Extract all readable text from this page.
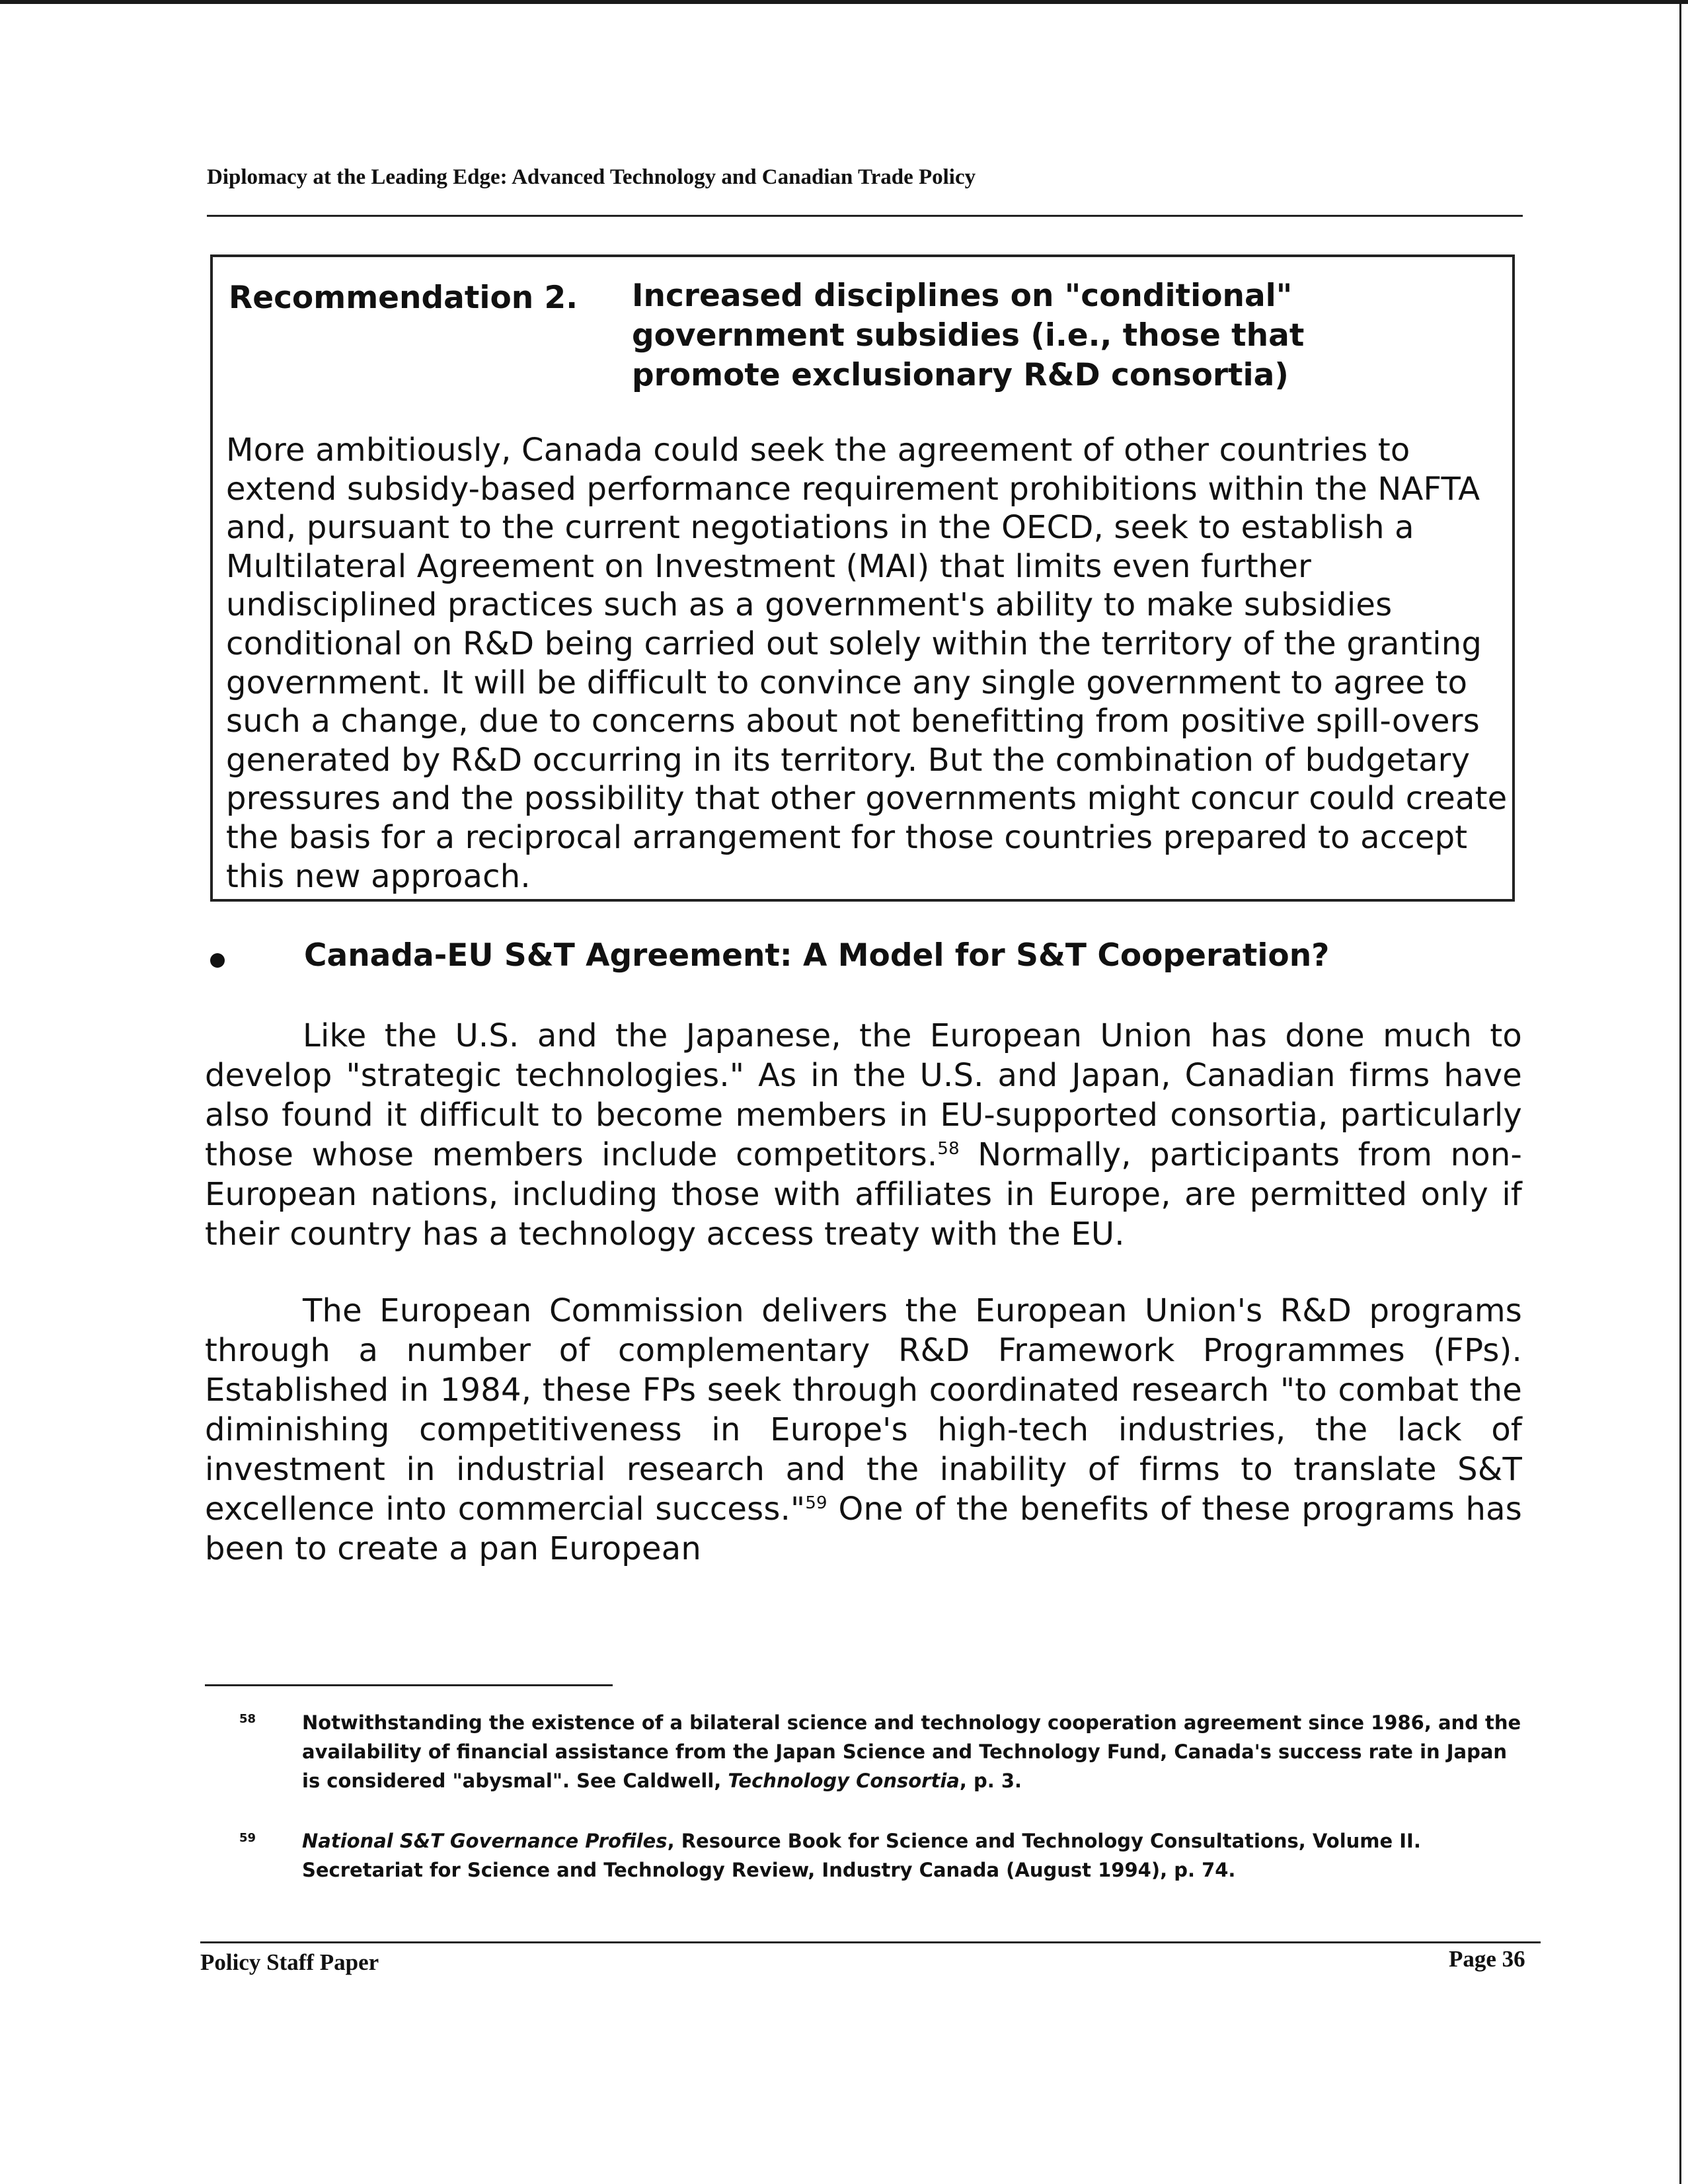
Diplomacy at the Leading Edge: Advanced Technology and Canadian Trade Policy
Recommendation 2. Increased disciplines on "conditional" government subsidies (i.e., those that promote exclusionary R&D consortia)
More ambitiously, Canada could seek the agreement of other countries to extend subsidy-based performance requirement prohibitions within the NAFTA and, pursuant to the current negotiations in the OECD, seek to establish a Multilateral Agreement on Investment (MAI) that limits even further undisciplined practices such as a government's ability to make subsidies conditional on R&D being carried out solely within the territory of the granting government. It will be difficult to convince any single government to agree to such a change, due to concerns about not benefitting from positive spill-overs generated by R&D occurring in its territory. But the combination of budgetary pressures and the possibility that other governments might concur could create the basis for a reciprocal arrangement for those countries prepared to accept this new approach.
Canada-EU S&T Agreement: A Model for S&T Cooperation?
Like the U.S. and the Japanese, the European Union has done much to develop "strategic technologies." As in the U.S. and Japan, Canadian firms have also found it difficult to become members in EU-supported consortia, particularly those whose members include competitors.$^{58}$ Normally, participants from non-European nations, including those with affiliates in Europe, are permitted only if their country has a technology access treaty with the EU.
The European Commission delivers the European Union's R&D programs through a number of complementary R&D Framework Programmes (FPs). Established in 1984, these FPs seek through coordinated research "to combat the diminishing competitiveness in Europe's high-tech industries, the lack of investment in industrial research and the inability of firms to translate S&T excellence into commercial success."$^{59}$ One of the benefits of these programs has been to create a pan European
58 Notwithstanding the existence of a bilateral science and technology cooperation agreement since 1986, and the availability of financial assistance from the Japan Science and Technology Fund, Canada's success rate in Japan is considered "abysmal". See Caldwell, Technology Consortia, p. 3.
59 National S&T Governance Profiles, Resource Book for Science and Technology Consultations, Volume II. Secretariat for Science and Technology Review, Industry Canada (August 1994), p. 74.
Policy Staff Paper	Page 36
